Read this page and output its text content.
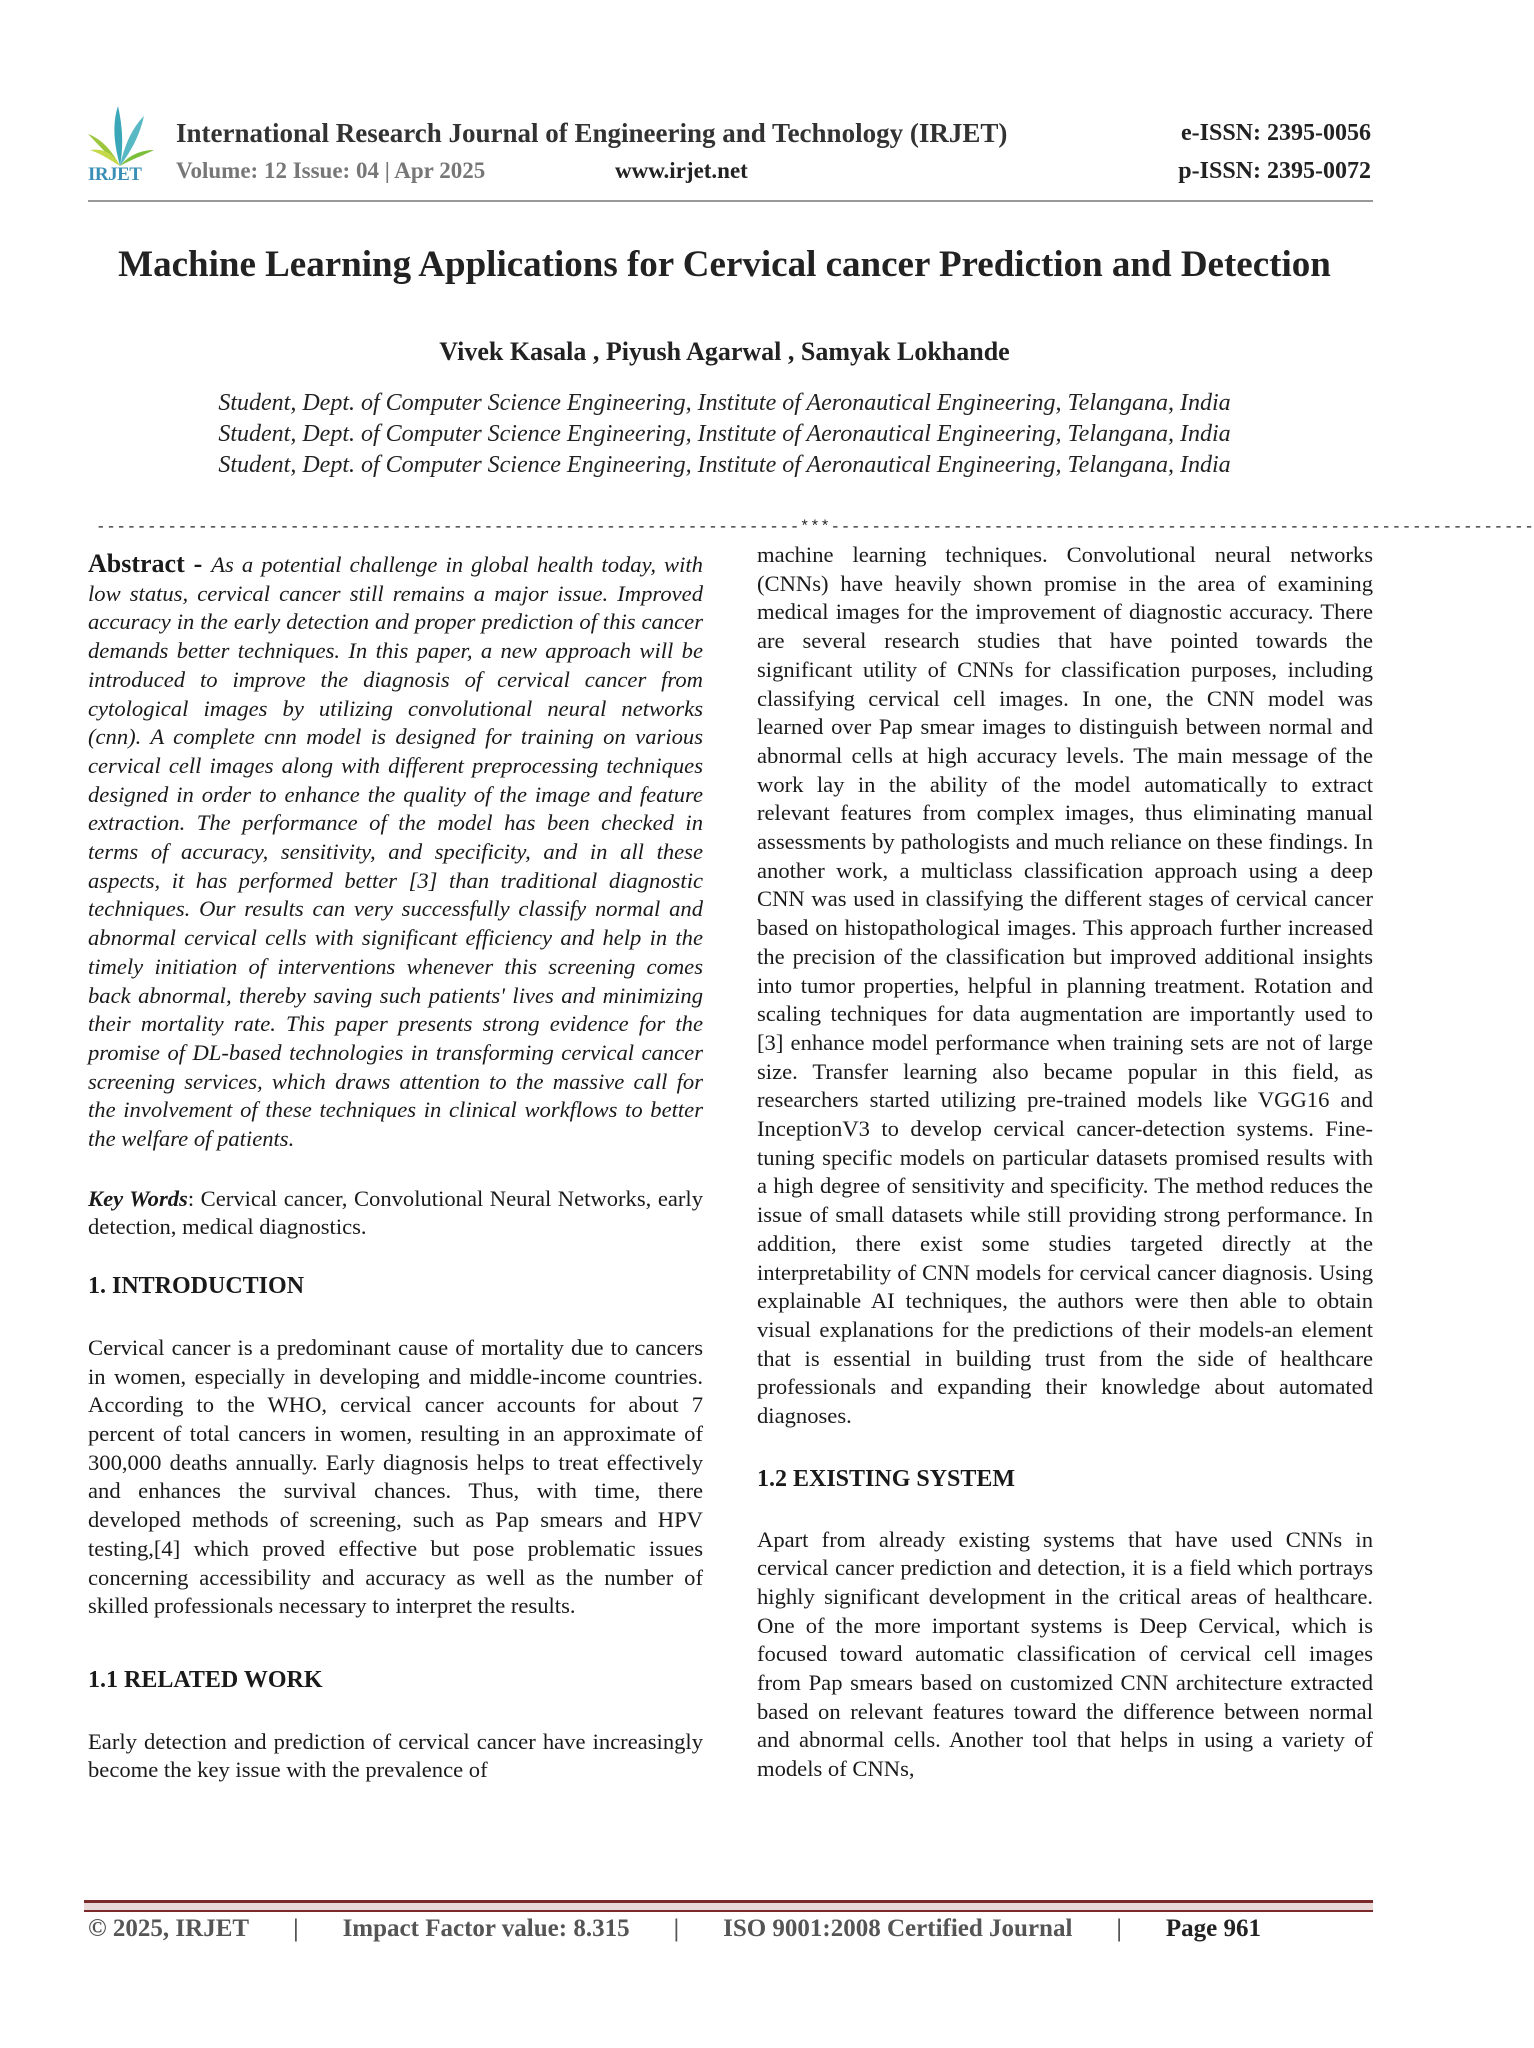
IRJET
International Research Journal of Engineering and Technology (IRJET)
Volume: 12 Issue: 04 | Apr 2025	www.irjet.net
e-ISSN: 2395-0056
p-ISSN: 2395-0072
Machine Learning Applications for Cervical cancer Prediction and Detection
Vivek Kasala , Piyush Agarwal , Samyak Lokhande
Student, Dept. of Computer Science Engineering, Institute of Aeronautical Engineering, Telangana, India
Student, Dept. of Computer Science Engineering, Institute of Aeronautical Engineering, Telangana, India
Student, Dept. of Computer Science Engineering, Institute of Aeronautical Engineering, Telangana, India
---------------------------------------------------------------------***---------------------------------------------------------------------

Abstract - As a potential challenge in global health today, with low status, cervical cancer still remains a major issue. Improved accuracy in the early detection and proper prediction of this cancer demands better techniques. In this paper, a new approach will be introduced to improve the diagnosis of cervical cancer from cytological images by utilizing convolutional neural networks (cnn). A complete cnn model is designed for training on various cervical cell images along with different preprocessing techniques designed in order to enhance the quality of the image and feature extraction. The performance of the model has been checked in terms of accuracy, sensitivity, and specificity, and in all these aspects, it has performed better [3] than traditional diagnostic techniques. Our results can very successfully classify normal and abnormal cervical cells with significant efficiency and help in the timely initiation of interventions whenever this screening comes back abnormal, thereby saving such patients' lives and minimizing their mortality rate. This paper presents strong evidence for the promise of DL-based technologies in transforming cervical cancer screening services, which draws attention to the massive call for the involvement of these techniques in clinical workflows to better the welfare of patients.

Key Words: Cervical cancer, Convolutional Neural Networks, early detection, medical diagnostics.

1. INTRODUCTION

Cervical cancer is a predominant cause of mortality due to cancers in women, especially in developing and middle-income countries. According to the WHO, cervical cancer accounts for about 7 percent of total cancers in women, resulting in an approximate of 300,000 deaths annually. Early diagnosis helps to treat effectively and enhances the survival chances. Thus, with time, there developed methods of screening, such as Pap smears and HPV testing,[4] which proved effective but pose problematic issues concerning accessibility and accuracy as well as the number of skilled professionals necessary to interpret the results.

1.1 RELATED WORK

Early detection and prediction of cervical cancer have increasingly become the key issue with the prevalence of

machine learning techniques. Convolutional neural networks (CNNs) have heavily shown promise in the area of examining medical images for the improvement of diagnostic accuracy. There are several research studies that have pointed towards the significant utility of CNNs for classification purposes, including classifying cervical cell images. In one, the CNN model was learned over Pap smear images to distinguish between normal and abnormal cells at high accuracy levels. The main message of the work lay in the ability of the model automatically to extract relevant features from complex images, thus eliminating manual assessments by pathologists and much reliance on these findings. In another work, a multiclass classification approach using a deep CNN was used in classifying the different stages of cervical cancer based on histopathological images. This approach further increased the precision of the classification but improved additional insights into tumor properties, helpful in planning treatment. Rotation and scaling techniques for data augmentation are importantly used to [3] enhance model performance when training sets are not of large size. Transfer learning also became popular in this field, as researchers started utilizing pre-trained models like VGG16 and InceptionV3 to develop cervical cancer-detection systems. Fine-tuning specific models on particular datasets promised results with a high degree of sensitivity and specificity. The method reduces the issue of small datasets while still providing strong performance. In addition, there exist some studies targeted directly at the interpretability of CNN models for cervical cancer diagnosis. Using explainable AI techniques, the authors were then able to obtain visual explanations for the predictions of their models-an element that is essential in building trust from the side of healthcare professionals and expanding their knowledge about automated diagnoses.

1.2 EXISTING SYSTEM

Apart from already existing systems that have used CNNs in cervical cancer prediction and detection, it is a field which portrays highly significant development in the critical areas of healthcare. One of the more important systems is Deep Cervical, which is focused toward automatic classification of cervical cell images from Pap smears based on customized CNN architecture extracted based on relevant features toward the difference between normal and abnormal cells. Another tool that helps in using a variety of models of CNNs,

© 2025, IRJET | Impact Factor value: 8.315 | ISO 9001:2008 Certified Journal | Page 961
